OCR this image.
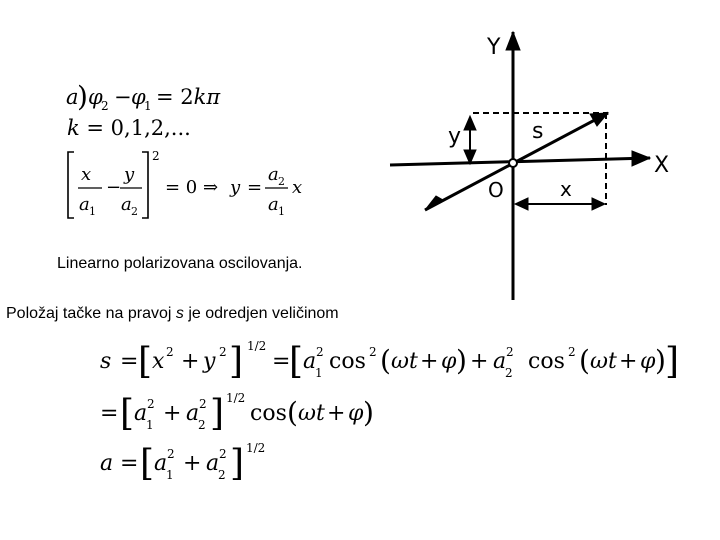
a
) φ
2 − φ
1 = 2kπ
k = 0,1,2,...
2
x
a 1
−
y
a 2
= 0 ⇒ y =
a 2
a 1
x
Y
X
O
s
y
x
s = [ x 2 + y 2 ] 1/2
=
[ a 2
1 cos 2 ( ωt + φ ) + a 2
2 cos 2 ( ωt + φ ) ]
= [ a 2
1 + a 2
2 ] 1/2
cos ( ωt + φ )
a = [ a 2
1 + a 2
2 ] 1/2
Linearno polarizovana oscilovanja.
Položaj tačke na pravoj s je odredjen veličinom
